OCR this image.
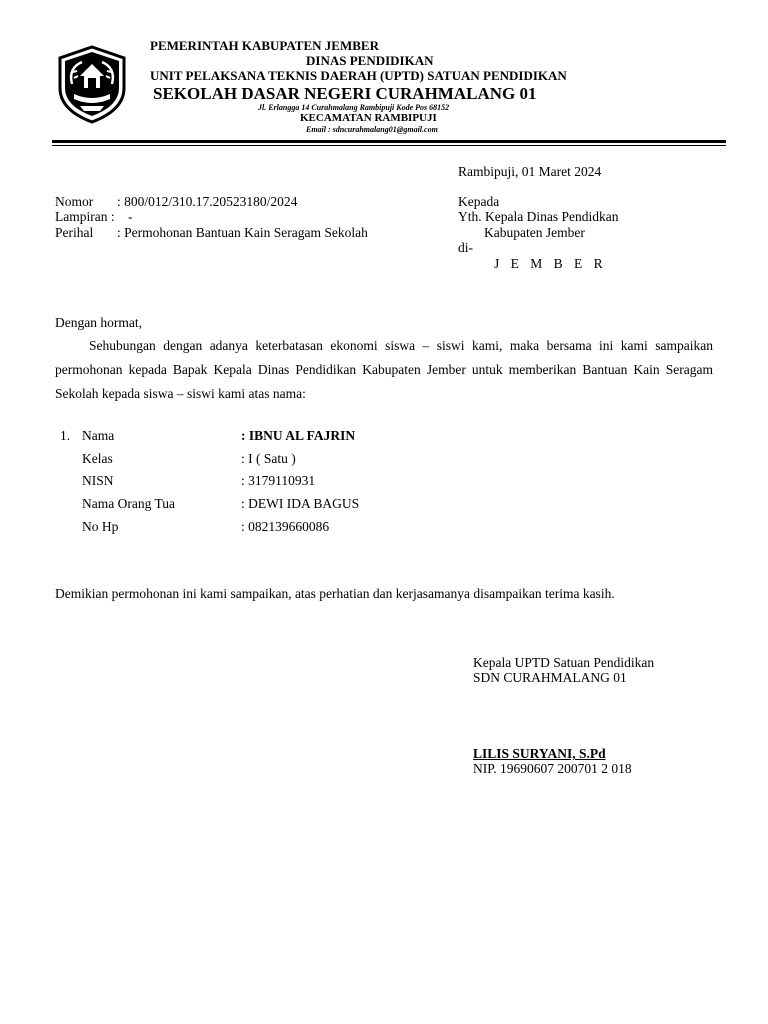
PEMERINTAH KABUPATEN JEMBER
DINAS PENDIDIKAN
UNIT PELAKSANA TEKNIS DAERAH (UPTD) SATUAN PENDIDIKAN
SEKOLAH DASAR NEGERI CURAHMALANG 01
Jl. Erlangga 14 Curahmalang Rambipuji Kode Pos 68152
KECAMATAN RAMBIPUJI
Email : sdncurahmalang01@gmail.com
Rambipuji, 01 Maret 2024
Nomor : 800/012/310.17.20523180/2024
Lampiran : -
Perihal : Permohonan Bantuan Kain Seragam Sekolah
Kepada
Yth. Kepala Dinas Pendidkan
Kabupaten Jember
di-
J E M B E R
Dengan hormat,

Sehubungan dengan adanya keterbatasan ekonomi siswa – siswi kami, maka bersama ini kami sampaikan permohonan kepada Bapak Kepala Dinas Pendidikan Kabupaten Jember untuk memberikan Bantuan Kain Seragam Sekolah kepada siswa – siswi kami atas nama:

1. Nama	: IBNU AL FAJRIN
Kelas	: I ( Satu )
NISN	: 3179110931
Nama Orang Tua	: DEWI IDA BAGUS
No Hp	: 082139660086
Demikian permohonan ini kami sampaikan, atas perhatian dan kerjasamanya disampaikan terima kasih.
Kepala UPTD Satuan Pendidikan
SDN CURAHMALANG 01
LILIS SURYANI, S.Pd
NIP. 19690607 200701 2 018
